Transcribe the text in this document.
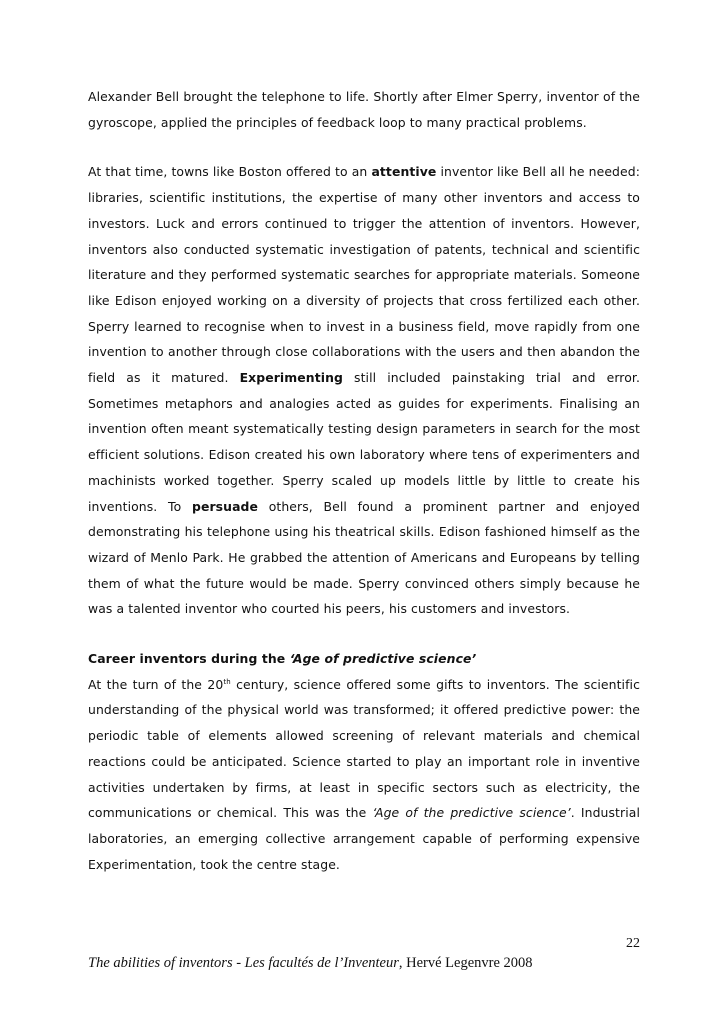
Alexander Bell brought the telephone to life. Shortly after Elmer Sperry, inventor of the gyroscope, applied the principles of feedback loop to many practical problems.

At that time, towns like Boston offered to an attentive inventor like Bell all he needed: libraries, scientific institutions, the expertise of many other inventors and access to investors. Luck and errors continued to trigger the attention of inventors. However, inventors also conducted systematic investigation of patents, technical and scientific literature and they performed systematic searches for appropriate materials. Someone like Edison enjoyed working on a diversity of projects that cross fertilized each other. Sperry learned to recognise when to invest in a business field, move rapidly from one invention to another through close collaborations with the users and then abandon the field as it matured. Experimenting still included painstaking trial and error. Sometimes metaphors and analogies acted as guides for experiments. Finalising an invention often meant systematically testing design parameters in search for the most efficient solutions. Edison created his own laboratory where tens of experimenters and machinists worked together. Sperry scaled up models little by little to create his inventions. To persuade others, Bell found a prominent partner and enjoyed demonstrating his telephone using his theatrical skills. Edison fashioned himself as the wizard of Menlo Park. He grabbed the attention of Americans and Europeans by telling them of what the future would be made. Sperry convinced others simply because he was a talented inventor who courted his peers, his customers and investors.

Career inventors during the ‘Age of predictive science’

At the turn of the 20th century, science offered some gifts to inventors. The scientific understanding of the physical world was transformed; it offered predictive power: the periodic table of elements allowed screening of relevant materials and chemical reactions could be anticipated. Science started to play an important role in inventive activities undertaken by firms, at least in specific sectors such as electricity, the communications or chemical. This was the ‘Age of the predictive science’. Industrial laboratories, an emerging collective arrangement capable of performing expensive Experimentation, took the centre stage.

22
The abilities of inventors - Les facultés de l’Inventeur, Hervé Legenvre 2008
